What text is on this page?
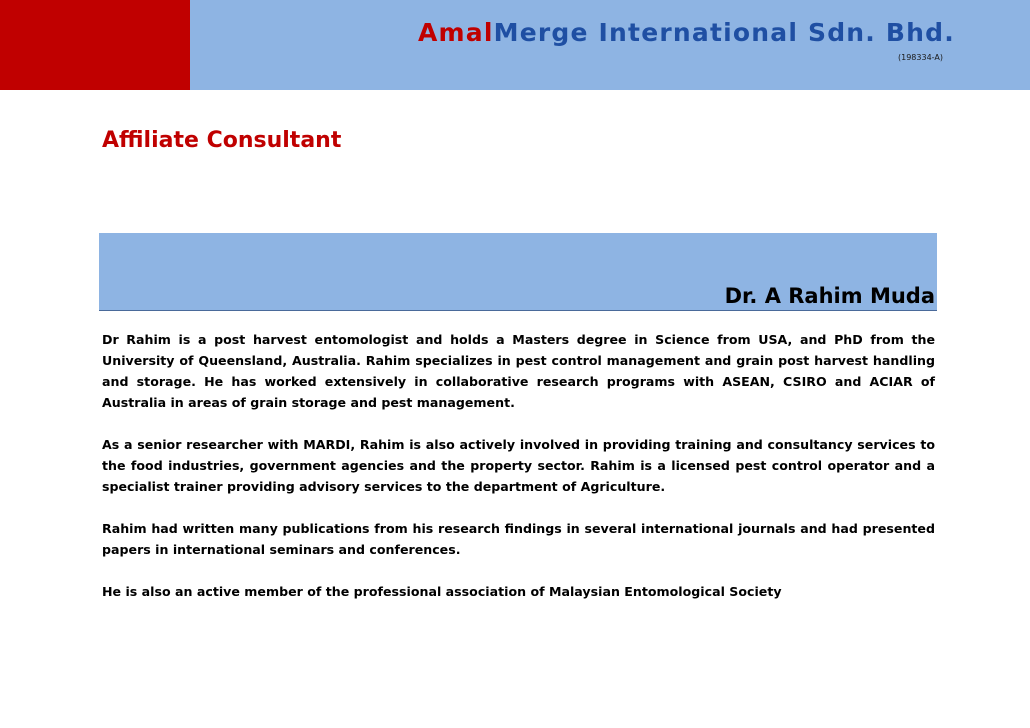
AmalMerge International Sdn. Bhd.
(198334-A)
Affiliate Consultant
Dr. A Rahim Muda

Dr Rahim is a post harvest entomologist and holds a Masters degree in Science from USA, and PhD from the University of Queensland, Australia. Rahim specializes in pest control management and grain post harvest handling and storage. He has worked extensively in collaborative research programs with ASEAN, CSIRO and ACIAR of Australia in areas of grain storage and pest management.

As a senior researcher with MARDI, Rahim is also actively involved in providing training and consultancy services to the food industries, government agencies and the property sector. Rahim is a licensed pest control operator and a specialist trainer providing advisory services to the department of Agriculture.

Rahim had written many publications from his research findings in several international journals and had presented papers in international seminars and conferences.

He is also an active member of the professional association of Malaysian Entomological Society
